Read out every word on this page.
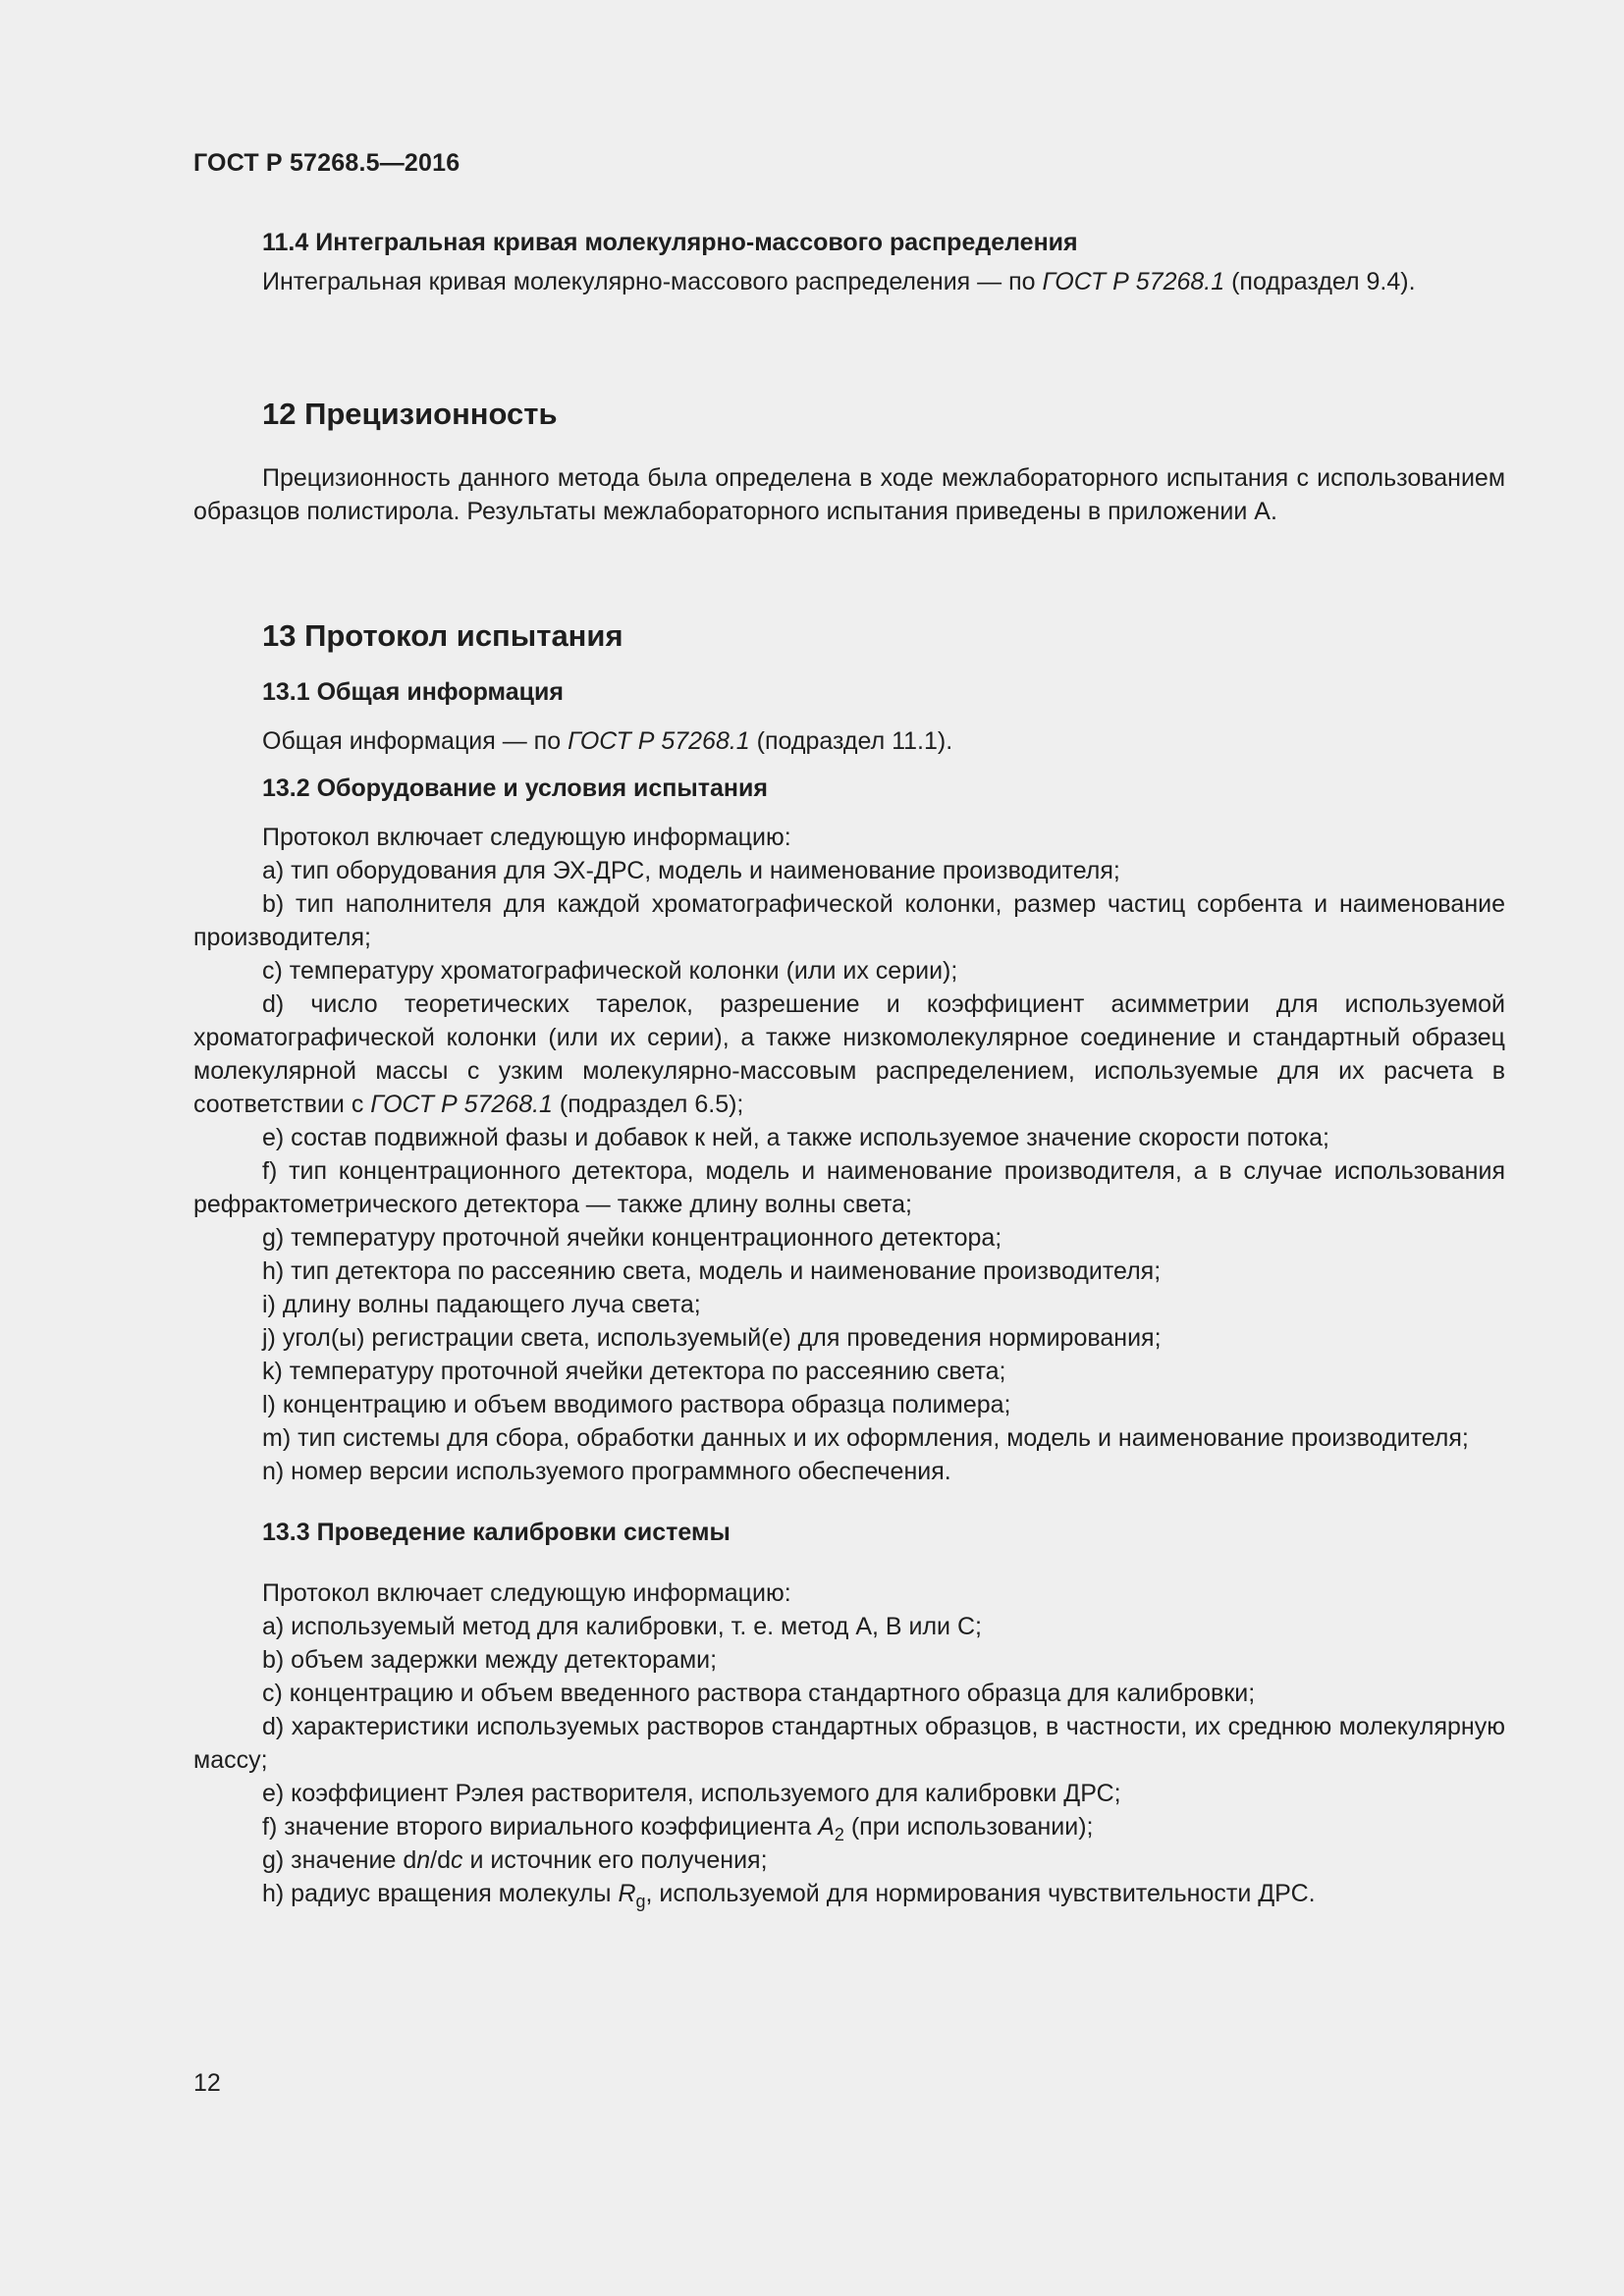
ГОСТ Р 57268.5—2016
11.4 Интегральная кривая молекулярно-массового распределения

Интегральная кривая молекулярно-массового распределения — по ГОСТ Р 57268.1 (подраздел 9.4).

12 Прецизионность

Прецизионность данного метода была определена в ходе межлабораторного испытания с использованием образцов полистирола. Результаты межлабораторного испытания приведены в приложении А.

13 Протокол испытания
13.1 Общая информация

Общая информация — по ГОСТ Р 57268.1 (подраздел 11.1).

13.2 Оборудование и условия испытания

Протокол включает следующую информацию:

a) тип оборудования для ЭХ-ДРС, модель и наименование производителя;

b) тип наполнителя для каждой хроматографической колонки, размер частиц сорбента и наименование производителя;

c) температуру хроматографической колонки (или их серии);

d) число теоретических тарелок, разрешение и коэффициент асимметрии для используемой хроматографической колонки (или их серии), а также низкомолекулярное соединение и стандартный образец молекулярной массы с узким молекулярно-массовым распределением, используемые для их расчета в соответствии с ГОСТ Р 57268.1 (подраздел 6.5);

e) состав подвижной фазы и добавок к ней, а также используемое значение скорости потока;

f) тип концентрационного детектора, модель и наименование производителя, а в случае использования рефрактометрического детектора — также длину волны света;

g) температуру проточной ячейки концентрационного детектора;

h) тип детектора по рассеянию света, модель и наименование производителя;

i) длину волны падающего луча света;

j) угол(ы) регистрации света, используемый(е) для проведения нормирования;

k) температуру проточной ячейки детектора по рассеянию света;

l) концентрацию и объем вводимого раствора образца полимера;

m) тип системы для сбора, обработки данных и их оформления, модель и наименование производителя;

n) номер версии используемого программного обеспечения.

13.3 Проведение калибровки системы

Протокол включает следующую информацию:

a) используемый метод для калибровки, т. е. метод А, В или С;

b) объем задержки между детекторами;

c) концентрацию и объем введенного раствора стандартного образца для калибровки;

d) характеристики используемых растворов стандартных образцов, в частности, их среднюю молекулярную массу;

e) коэффициент Рэлея растворителя, используемого для калибровки ДРС;

f) значение второго вириального коэффициента $A_2$ (при использовании);

g) значение dn/dc и источник его получения;

h) радиус вращения молекулы $R_g$, используемой для нормирования чувствительности ДРС.

12
